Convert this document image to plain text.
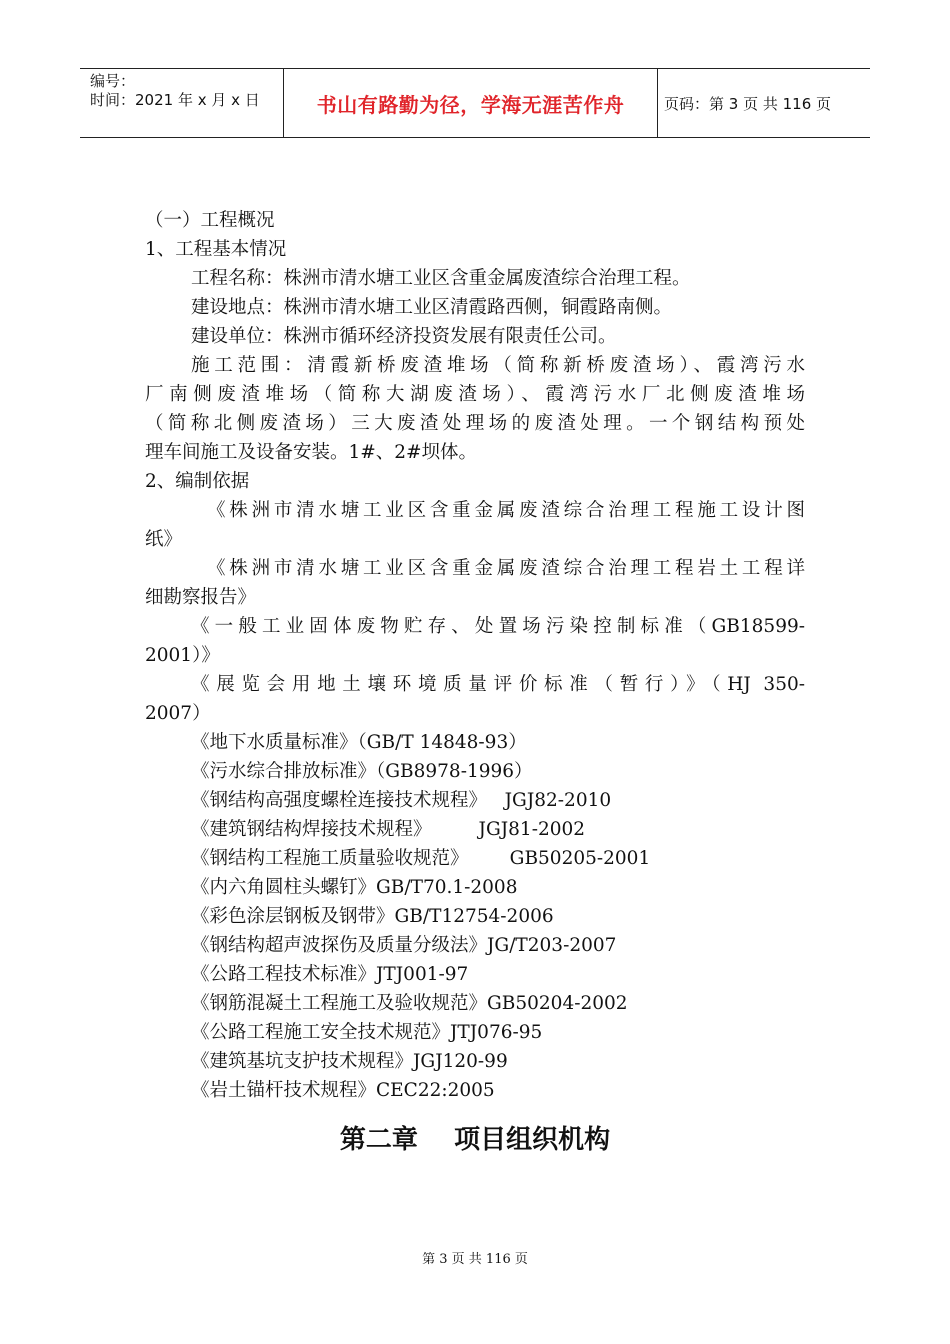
编号：
时间：2021 年 x 月 x 日	书山有路勤为径，学海无涯苦作舟	页码：第 3 页 共 116 页
（一）工程概况
1、工程基本情况
工程名称：株洲市清水塘工业区含重金属废渣综合治理工程。
建设地点：株洲市清水塘工业区清霞路西侧，铜霞路南侧。
建设单位：株洲市循环经济投资发展有限责任公司。
施工范围：清霞新桥废渣堆场（简称新桥废渣场）、霞湾污水
厂南侧废渣堆场（简称大湖废渣场）、霞湾污水厂北侧废渣堆场
（简称北侧废渣场）三大废渣处理场的废渣处理。一个钢结构预处
理车间施工及设备安装。1#、2#坝体。
2、编制依据
《株洲市清水塘工业区含重金属废渣综合治理工程施工设计图
纸》
《株洲市清水塘工业区含重金属废渣综合治理工程岩土工程详
细勘察报告》
《一般工业固体废物贮存、处置场污染控制标准（GB18599-
2001）》
《展览会用地土壤环境质量评价标准（暂行）》（HJ 350-
2007）
《地下水质量标准》（GB/T 14848-93）
《污水综合排放标准》（GB8978-1996）
《钢结构高强度螺栓连接技术规程》   JGJ82-2010
《建筑钢结构焊接技术规程》        JGJ81-2002
《钢结构工程施工质量验收规范》       GB50205-2001
《内六角圆柱头螺钉》GB/T70.1-2008
《彩色涂层钢板及钢带》GB/T12754-2006
《钢结构超声波探伤及质量分级法》JG/T203-2007
《公路工程技术标准》JTJ001-97
《钢筋混凝土工程施工及验收规范》GB50204-2002
《公路工程施工安全技术规范》JTJ076-95
《建筑基坑支护技术规程》JGJ120-99
《岩土锚杆技术规程》CEC22:2005
第二章    项目组织机构
第 3 页 共 116 页
